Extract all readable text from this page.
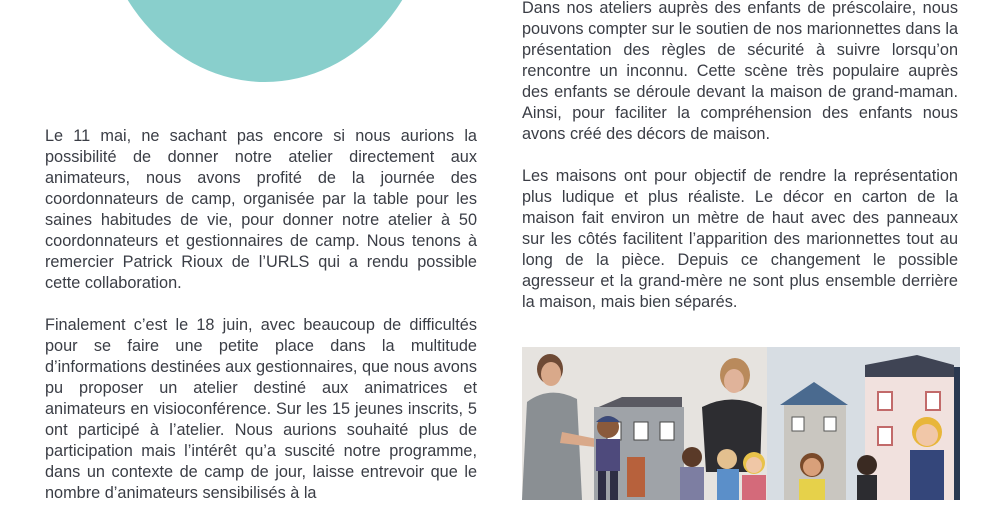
Le 11 mai, ne sachant pas encore si nous aurions la possibilité de donner notre atelier directement aux animateurs, nous avons profité de la journée des coordonnateurs de camp, organisée par la table pour les saines habitudes de vie, pour donner notre atelier à 50 coordonnateurs et gestionnaires de camp. Nous tenons à remercier Patrick Rioux de l’URLS qui a rendu possible cette collaboration.

Finalement c’est le 18 juin, avec beaucoup de difficultés pour se faire une petite place dans la multitude d’informations destinées aux gestionnaires, que nous avons pu proposer un atelier destiné aux animatrices et animateurs en visioconférence. Sur les 15 jeunes inscrits, 5 ont participé à l’atelier. Nous aurions souhaité plus de participation mais l’intérêt qu’a suscité notre programme, dans un contexte de camp de jour, laisse entrevoir que le nombre d’animateurs sensibilisés à la

Dans nos ateliers auprès des enfants de préscolaire, nous pouvons compter sur le soutien de nos marionnettes dans la présentation des règles de sécurité à suivre lorsqu’on rencontre un inconnu. Cette scène très populaire auprès des enfants se déroule devant la maison de grand-maman. Ainsi, pour faciliter la compréhension des enfants nous avons créé des décors de maison.

Les maisons ont pour objectif de rendre la représentation plus ludique et plus réaliste. Le décor en carton de la maison fait environ un mètre de haut avec des panneaux sur les côtés facilitent l’apparition des marionnettes tout au long de la pièce. Depuis ce changement le possible agresseur et la grand-mère ne sont plus ensemble derrière la maison, mais bien séparés.
